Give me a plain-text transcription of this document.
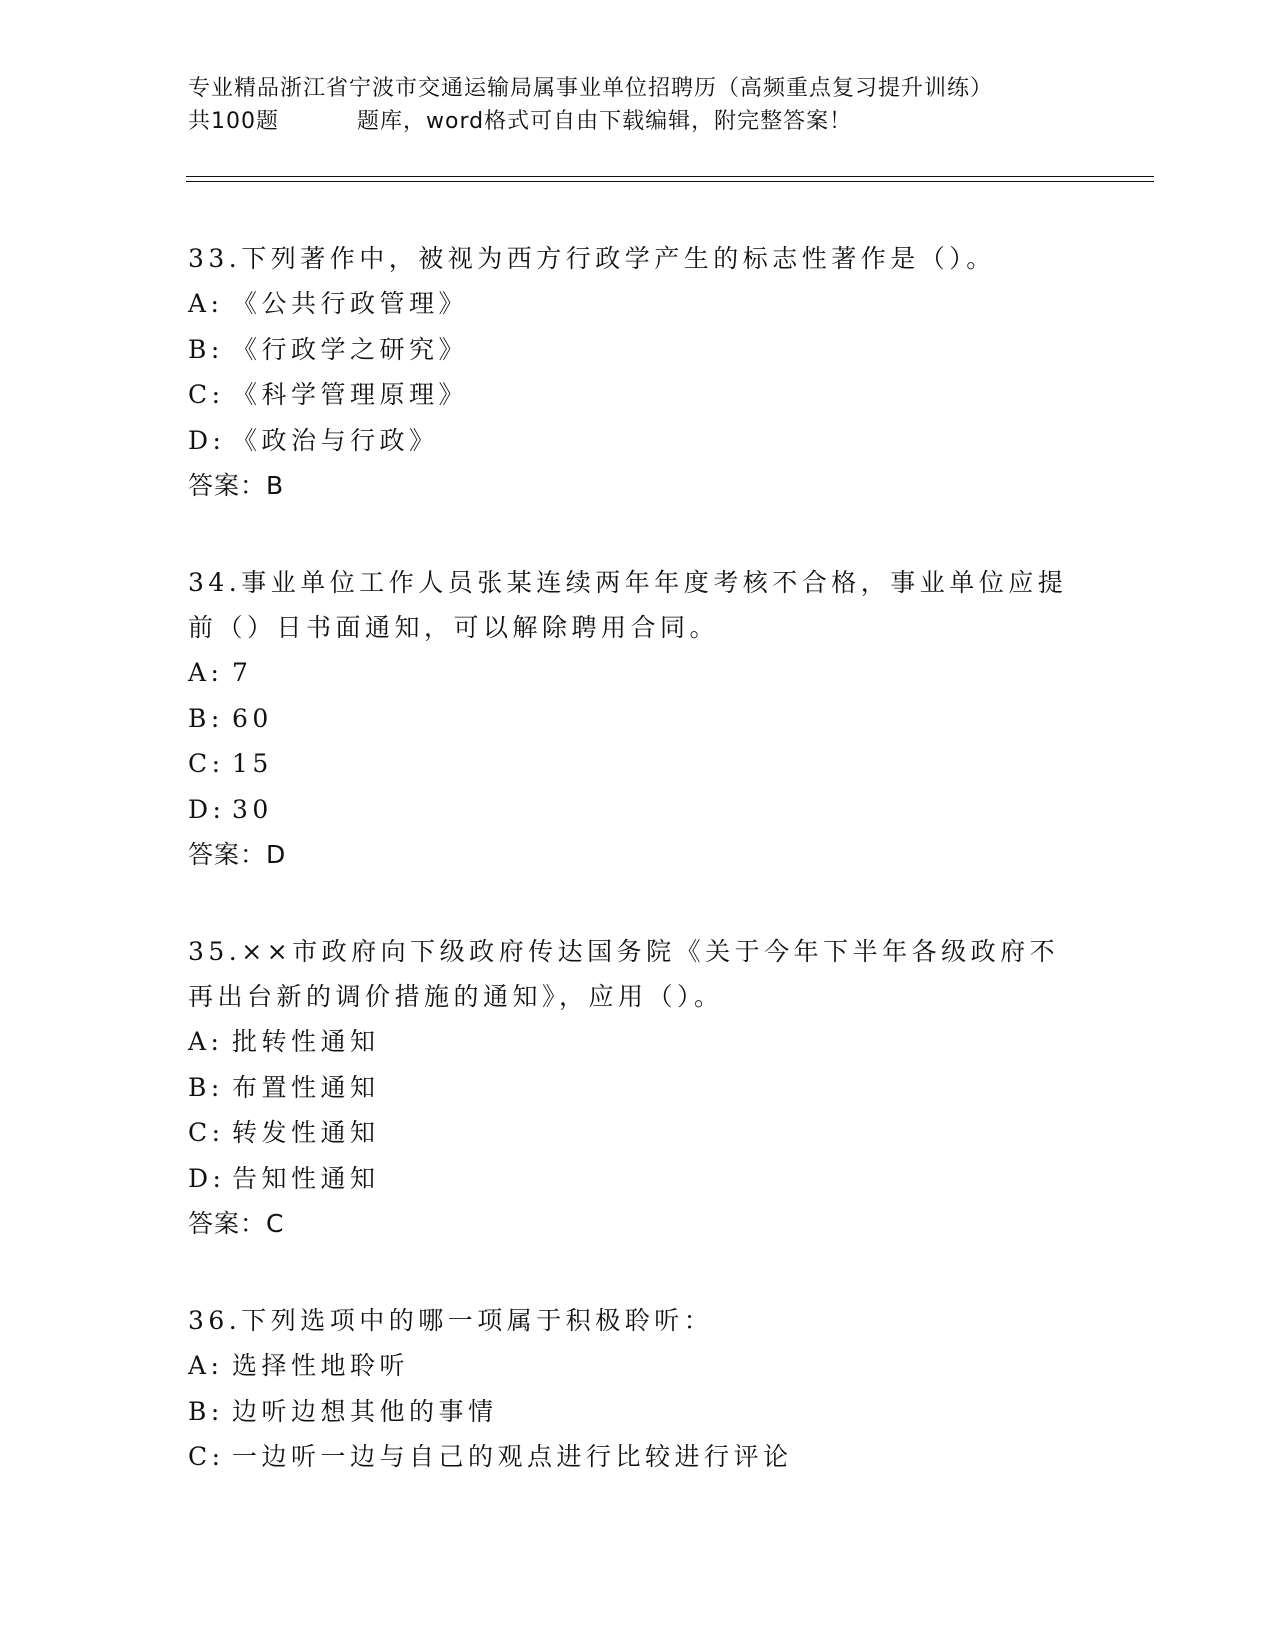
专业精品浙江省宁波市交通运输局属事业单位招聘历（高频重点复习提升训练）
共100题	题库，word格式可自由下载编辑，附完整答案！

33.下列著作中，被视为西方行政学产生的标志性著作是（）。

A: 《公共行政管理》
B: 《行政学之研究》
C: 《科学管理原理》
D: 《政治与行政》
答案：B

34.事业单位工作人员张某连续两年年度考核不合格，事业单位应提前（）日书面通知，可以解除聘用合同。

A: 7
B: 60
C: 15
D: 30
答案：D

35.××市政府向下级政府传达国务院《关于今年下半年各级政府不再出台新的调价措施的通知》，应用（）。

A: 批转性通知
B: 布置性通知
C: 转发性通知
D: 告知性通知
答案：C

36.下列选项中的哪一项属于积极聆听：

A: 选择性地聆听
B: 边听边想其他的事情
C: 一边听一边与自己的观点进行比较进行评论
